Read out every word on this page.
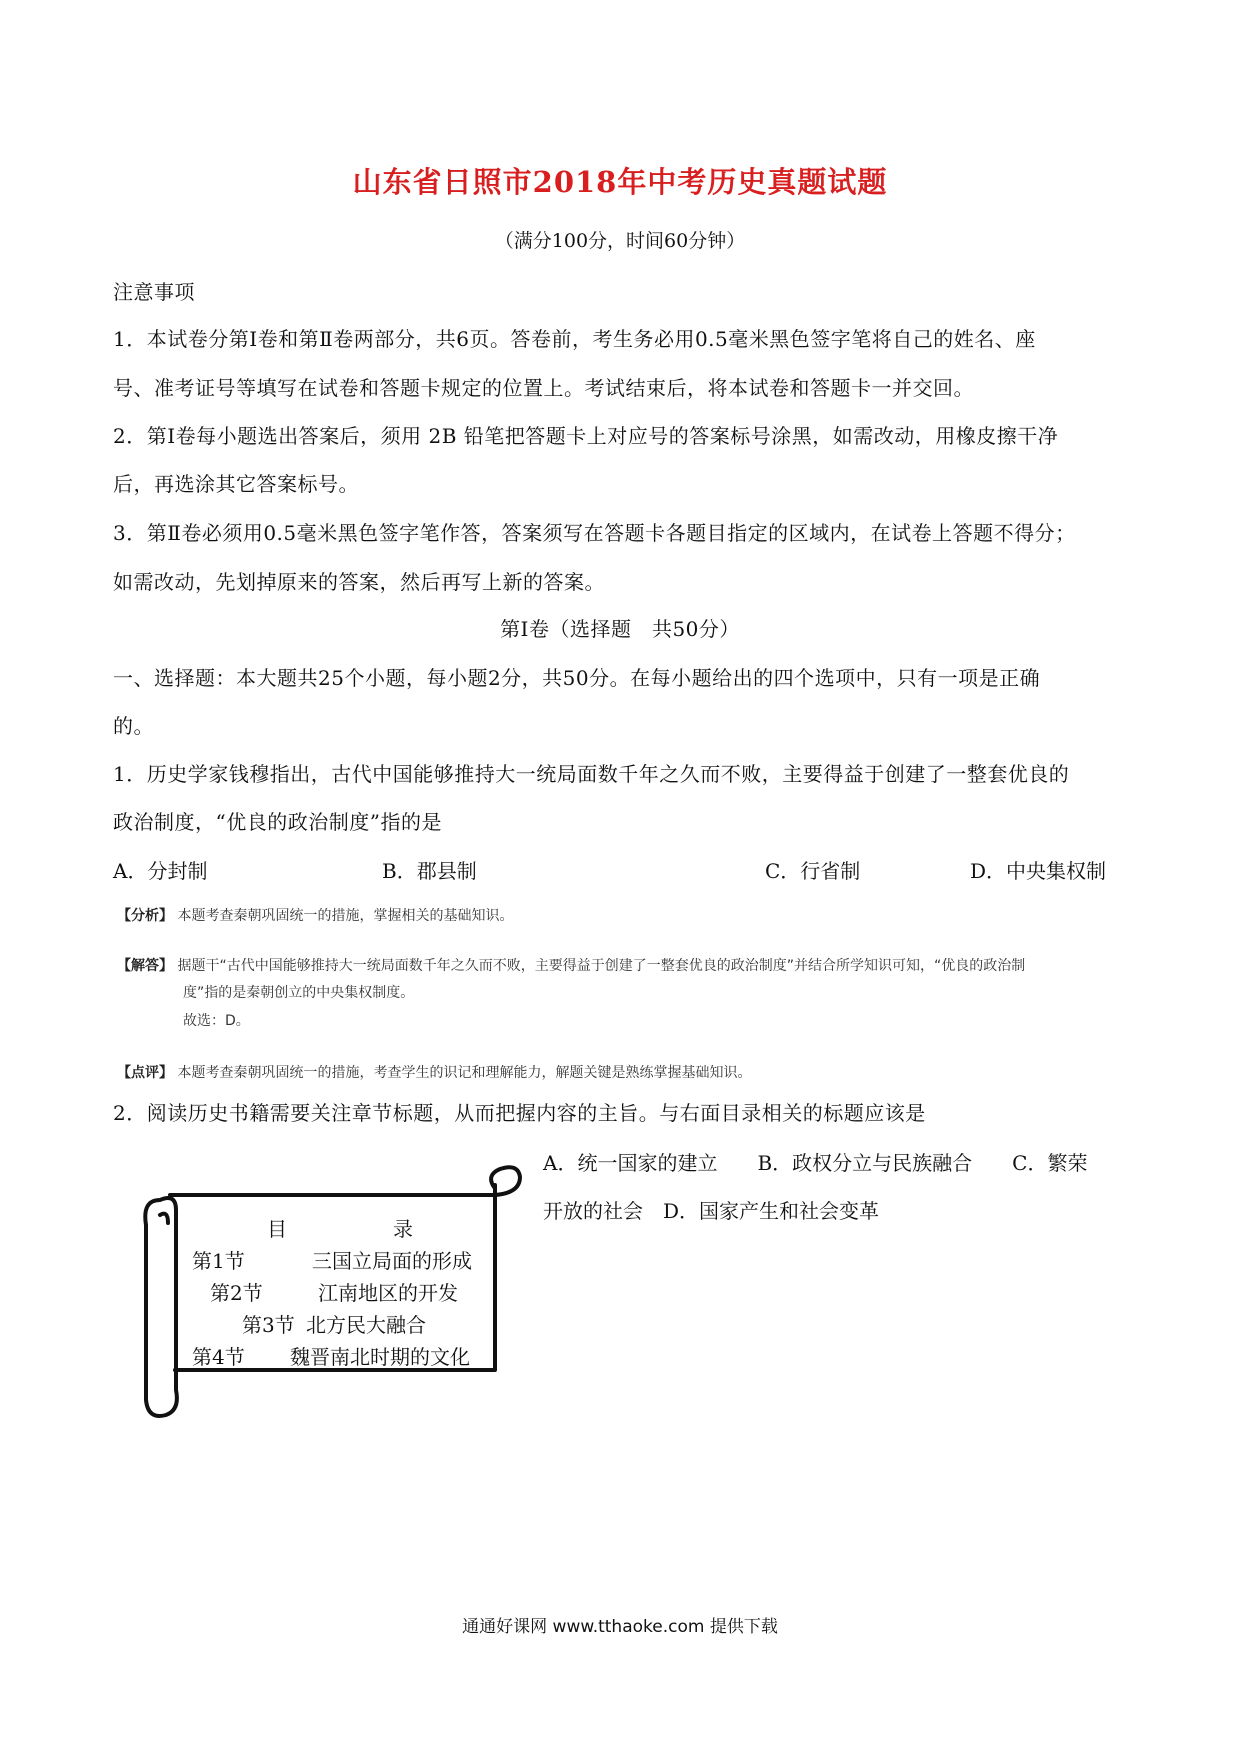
山东省日照市2018年中考历史真题试题
（满分100分，时间60分钟）
注意事项
1．本试卷分第Ⅰ卷和第Ⅱ卷两部分，共6页。答卷前，考生务必用0.5毫米黑色签字笔将自己的姓名、座
号、准考证号等填写在试卷和答题卡规定的位置上。考试结束后，将本试卷和答题卡一并交回。
2．第Ⅰ卷每小题选出答案后，须用 2B 铅笔把答题卡上对应号的答案标号涂黑，如需改动，用橡皮擦干净
后，再选涂其它答案标号。
3．第Ⅱ卷必须用0.5毫米黑色签字笔作答，答案须写在答题卡各题目指定的区域内，在试卷上答题不得分；
如需改动，先划掉原来的答案，然后再写上新的答案。
第Ⅰ卷（选择题　共50分）
一、选择题：本大题共25个小题，每小题2分，共50分。在每小题给出的四个选项中，只有一项是正确
的。
1．历史学家钱穆指出，古代中国能够推持大一统局面数千年之久而不败，主要得益于创建了一整套优良的
政治制度，“优良的政治制度”指的是
A．分封制	B．郡县制	C．行省制	D．中央集权制
【分析】 本题考查秦朝巩固统一的措施，掌握相关的基础知识。
【解答】 据题干“古代中国能够推持大一统局面数千年之久而不败，主要得益于创建了一整套优良的政治制度”并结合所学知识可知，“优良的政治制
度”指的是秦朝创立的中央集权制度。
故选：D。
【点评】 本题考查秦朝巩固统一的措施，考查学生的识记和理解能力，解题关键是熟练掌握基础知识。
2．阅读历史书籍需要关注章节标题，从而把握内容的主旨。与右面目录相关的标题应该是
A．统一国家的建立　　B．政权分立与民族融合　　C．繁荣
开放的社会　D．国家产生和社会变革
目	录
第1节	三国立局面的形成
第2节	江南地区的开发
第3节 北方民大融合
第4节 魏晋南北时期的文化
通通好课网 www.tthaoke.com 提供下载
